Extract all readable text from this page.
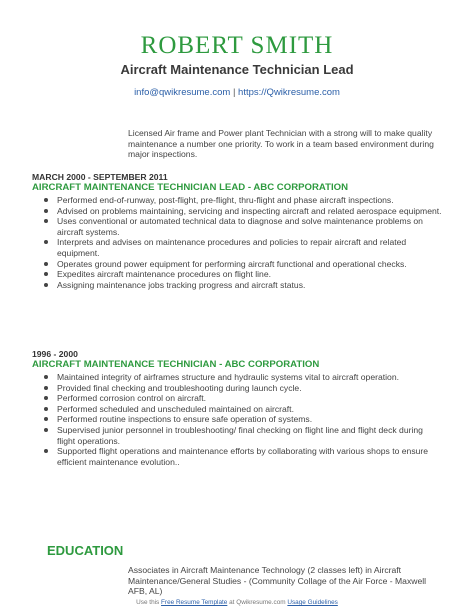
ROBERT SMITH
Aircraft Maintenance Technician Lead
info@qwikresume.com | https://Qwikresume.com
Licensed Air frame and Power plant Technician with a strong will to make quality maintenance a number one priority. To work in a team based environment during major inspections.
MARCH 2000 - SEPTEMBER 2011
AIRCRAFT MAINTENANCE TECHNICIAN LEAD - ABC CORPORATION
Performed end-of-runway, post-flight, pre-flight, thru-flight and phase aircraft inspections.
Advised on problems maintaining, servicing and inspecting aircraft and related aerospace equipment.
Uses conventional or automated technical data to diagnose and solve maintenance problems on aircraft systems.
Interprets and advises on maintenance procedures and policies to repair aircraft and related equipment.
Operates ground power equipment for performing aircraft functional and operational checks.
Expedites aircraft maintenance procedures on flight line.
Assigning maintenance jobs tracking progress and aircraft status.
1996 - 2000
AIRCRAFT MAINTENANCE TECHNICIAN - ABC CORPORATION
Maintained integrity of airframes structure and hydraulic systems vital to aircraft operation.
Provided final checking and troubleshooting during launch cycle.
Performed corrosion control on aircraft.
Performed scheduled and unscheduled maintained on aircraft.
Performed routine inspections to ensure safe operation of systems.
Supervised junior personnel in troubleshooting/ final checking on flight line and flight deck during flight operations.
Supported flight operations and maintenance efforts by collaborating with various shops to ensure efficient maintenance evolution..
EDUCATION
Associates in Aircraft Maintenance Technology (2 classes left) in Aircraft Maintenance/General Studies - (Community Collage of the Air Force - Maxwell AFB, AL)
Use this Free Resume Template at Qwikresume.com Usage Guidelines
